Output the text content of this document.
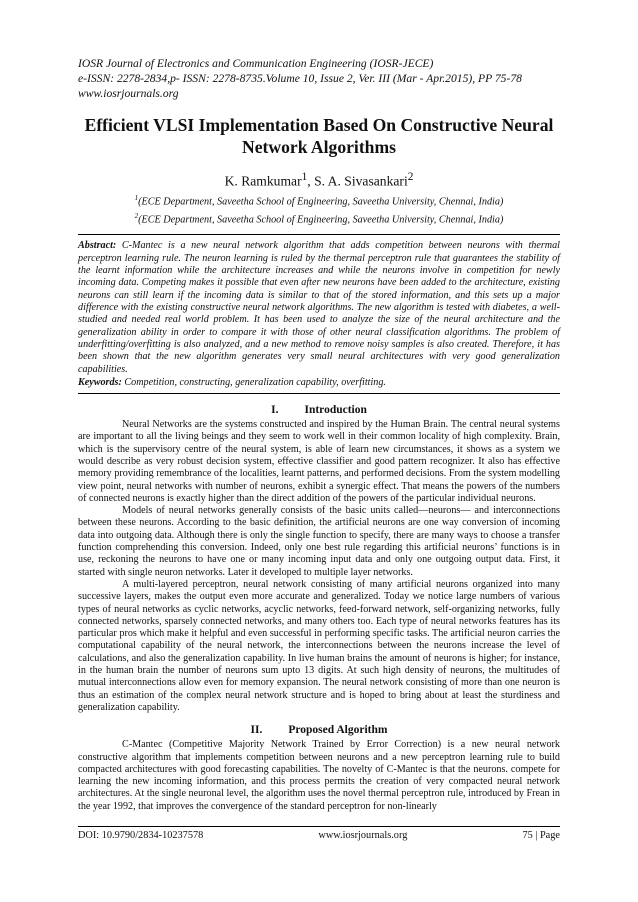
IOSR Journal of Electronics and Communication Engineering (IOSR-JECE)
e-ISSN: 2278-2834,p- ISSN: 2278-8735.Volume 10, Issue 2, Ver. III (Mar - Apr.2015), PP 75-78
www.iosrjournals.org
Efficient VLSI Implementation Based On Constructive Neural Network Algorithms
K. Ramkumar$^1$, S. A. Sivasankari$^2$
$^1$(ECE Department, Saveetha School of Engineering, Saveetha University, Chennai, India)
$^2$(ECE Department, Saveetha School of Engineering, Saveetha University, Chennai, India)

Abstract: C-Mantec is a new neural network algorithm that adds competition between neurons with thermal perceptron learning rule. The neuron learning is ruled by the thermal perceptron rule that guarantees the stability of the learnt information while the architecture increases and while the neurons involve in competition for newly incoming data. Competing makes it possible that even after new neurons have been added to the architecture, existing neurons can still learn if the incoming data is similar to that of the stored information, and this sets up a major difference with the existing constructive neural network algorithms. The new algorithm is tested with diabetes, a well-studied and needed real world problem. It has been used to analyze the size of the neural architecture and the generalization ability in order to compare it with those of other neural classification algorithms. The problem of underfitting/overfitting is also analyzed, and a new method to remove noisy samples is also created. Therefore, it has been shown that the new algorithm generates very small neural architectures with very good generalization capabilities.

Keywords: Competition, constructing, generalization capability, overfitting.

I. Introduction

Neural Networks are the systems constructed and inspired by the Human Brain. The central neural systems are important to all the living beings and they seem to work well in their common locality of high complexity. Brain, which is the supervisory centre of the neural system, is able of learn new circumstances, it shows as a system we would describe as very robust decision system, effective classifier and good pattern recognizer. It also has effective memory providing remembrance of the localities, learnt patterns, and performed decisions. From the system modelling view point, neural networks with number of neurons, exhibit a synergic effect. That means the powers of the numbers of connected neurons is exactly higher than the direct addition of the powers of the particular individual neurons.

Models of neural networks generally consists of the basic units called—neurons— and interconnections between these neurons. According to the basic definition, the artificial neurons are one way conversion of incoming data into outgoing data. Although there is only the single function to specify, there are many ways to choose a transfer function comprehending this conversion. Indeed, only one best rule regarding this artificial neurons’ functions is in use, reckoning the neurons to have one or many incoming input data and only one outgoing output data. First, it started with single neuron networks. Later it developed to multiple layer networks.

A multi-layered perceptron, neural network consisting of many artificial neurons organized into many successive layers, makes the output even more accurate and generalized. Today we notice large numbers of various types of neural networks as cyclic networks, acyclic networks, feed-forward network, self-organizing networks, fully connected networks, sparsely connected networks, and many others too. Each type of neural networks features has its particular pros which make it helpful and even successful in performing specific tasks. The artificial neuron carries the computational capability of the neural network, the interconnections between the neurons increase the level of calculations, and also the generalization capability. In live human brains the amount of neurons is higher; for instance, in the human brain the number of neurons sum upto 13 digits. At such high density of neurons, the multitudes of mutual interconnections allow even for memory expansion. The neural network consisting of more than one neuron is thus an estimation of the complex neural network structure and is hoped to bring about at least the sturdiness and generalization capability.

II. Proposed Algorithm

C-Mantec (Competitive Majority Network Trained by Error Correction) is a new neural network constructive algorithm that implements competition between neurons and a new perceptron learning rule to build compacted architectures with good forecasting capabilities. The novelty of C-Mantec is that the neurons. compete for learning the new incoming information, and this process permits the creation of very compacted neural network architectures. At the single neuronal level, the algorithm uses the novel thermal perceptron rule, introduced by Frean in the year 1992, that improves the convergence of the standard perceptron for non-linearly

DOI: 10.9790/2834-10237578	www.iosrjournals.org	75 | Page
